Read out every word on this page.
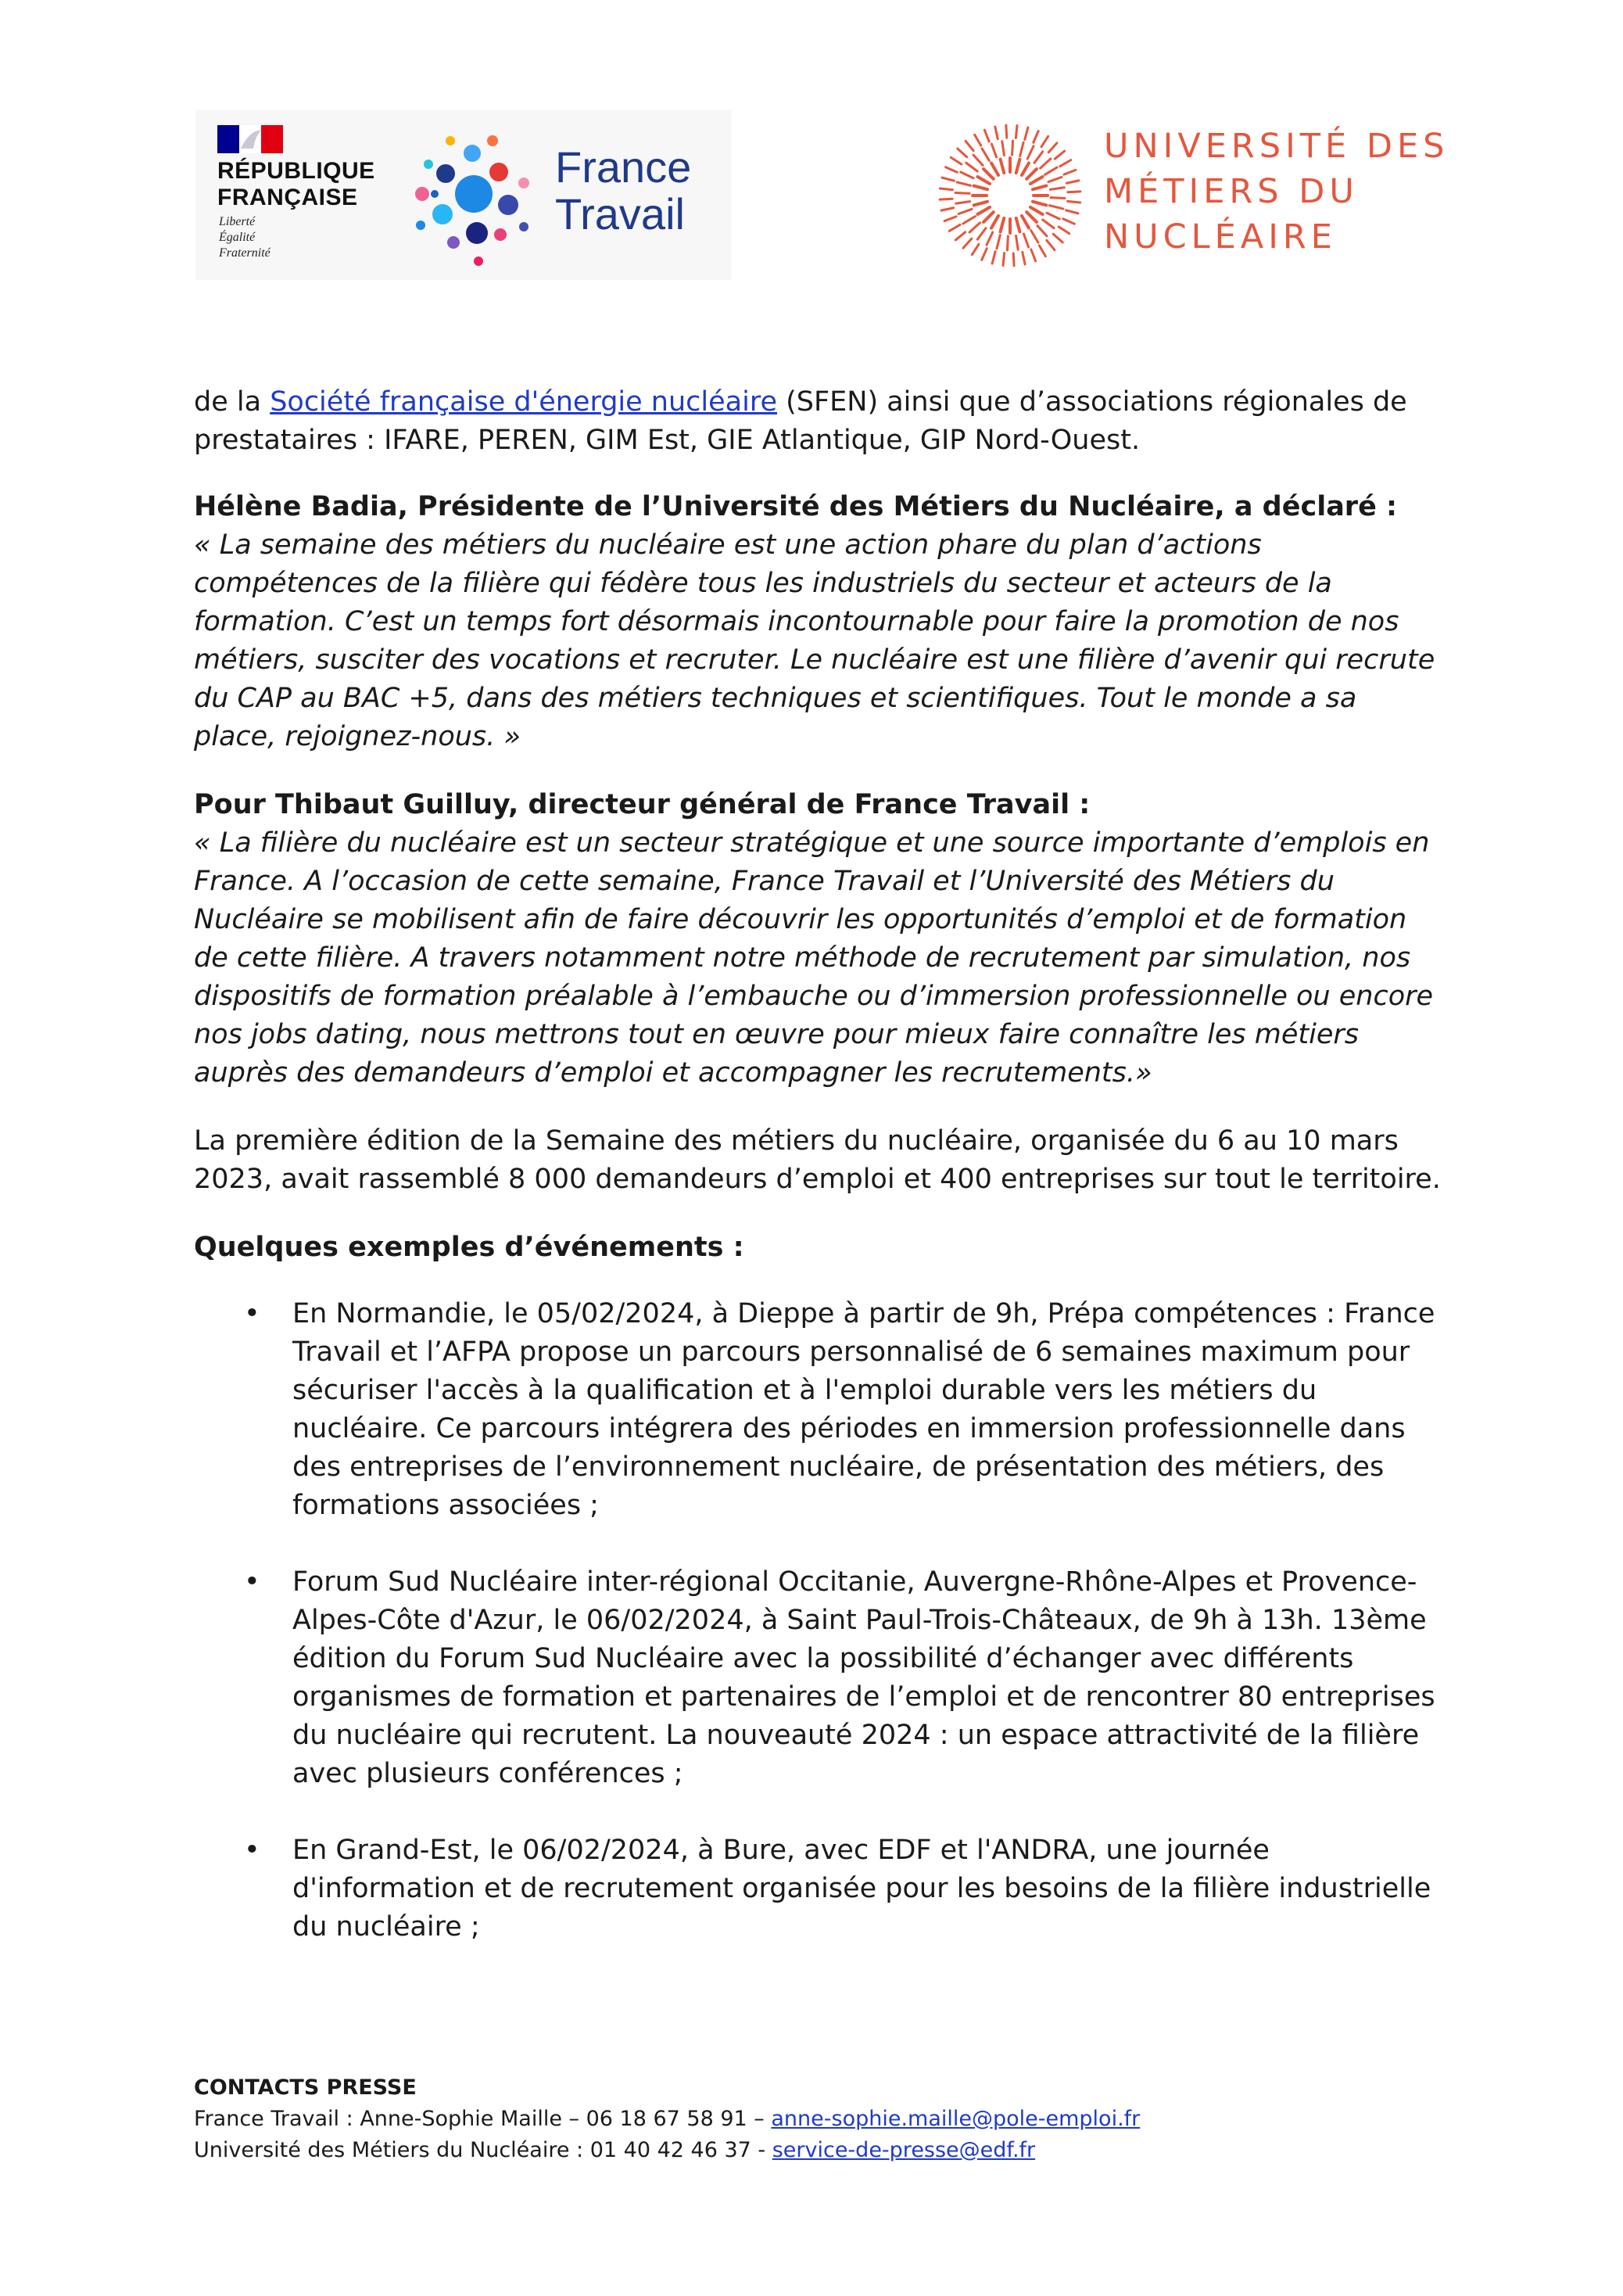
RÉPUBLIQUE
FRANÇAISE
Liberté
Égalité
Fraternité
France
Travail
UNIVERSITÉ DES
MÉTIERS DU
NUCLÉAIRE

de la Société française d'énergie nucléaire (SFEN) ainsi que d’associations régionales de prestataires : IFARE, PEREN, GIM Est, GIE Atlantique, GIP Nord-Ouest.

Hélène Badia, Présidente de l’Université des Métiers du Nucléaire, a déclaré :

« La semaine des métiers du nucléaire est une action phare du plan d’actions compétences de la filière qui fédère tous les industriels du secteur et acteurs de la formation. C’est un temps fort désormais incontournable pour faire la promotion de nos métiers, susciter des vocations et recruter. Le nucléaire est une filière d’avenir qui recrute du CAP au BAC +5, dans des métiers techniques et scientifiques. Tout le monde a sa place, rejoignez-nous. »

Pour Thibaut Guilluy, directeur général de France Travail :

« La filière du nucléaire est un secteur stratégique et une source importante d’emplois en France. A l’occasion de cette semaine, France Travail et l’Université des Métiers du Nucléaire se mobilisent afin de faire découvrir les opportunités d’emploi et de formation de cette filière. A travers notamment notre méthode de recrutement par simulation, nos dispositifs de formation préalable à l’embauche ou d’immersion professionnelle ou encore nos jobs dating, nous mettrons tout en œuvre pour mieux faire connaître les métiers auprès des demandeurs d’emploi et accompagner les recrutements.»

La première édition de la Semaine des métiers du nucléaire, organisée du 6 au 10 mars 2023, avait rassemblé 8 000 demandeurs d’emploi et 400 entreprises sur tout le territoire.

Quelques exemples d’événements :

• En Normandie, le 05/02/2024, à Dieppe à partir de 9h, Prépa compétences : France Travail et l’AFPA propose un parcours personnalisé de 6 semaines maximum pour sécuriser l'accès à la qualification et à l'emploi durable vers les métiers du nucléaire. Ce parcours intégrera des périodes en immersion professionnelle dans des entreprises de l’environnement nucléaire, de présentation des métiers, des formations associées ;
• Forum Sud Nucléaire inter-régional Occitanie, Auvergne-Rhône-Alpes et Provence-Alpes-Côte d'Azur, le 06/02/2024, à Saint Paul-Trois-Châteaux, de 9h à 13h. 13ème édition du Forum Sud Nucléaire avec la possibilité d’échanger avec différents organismes de formation et partenaires de l’emploi et de rencontrer 80 entreprises du nucléaire qui recrutent. La nouveauté 2024 : un espace attractivité de la filière avec plusieurs conférences ;
• En Grand-Est, le 06/02/2024, à Bure, avec EDF et l'ANDRA, une journée d'information et de recrutement organisée pour les besoins de la filière industrielle du nucléaire ;
CONTACTS PRESSE
France Travail : Anne-Sophie Maille – 06 18 67 58 91 – anne-sophie.maille@pole-emploi.fr
Université des Métiers du Nucléaire : 01 40 42 46 37 - service-de-presse@edf.fr
